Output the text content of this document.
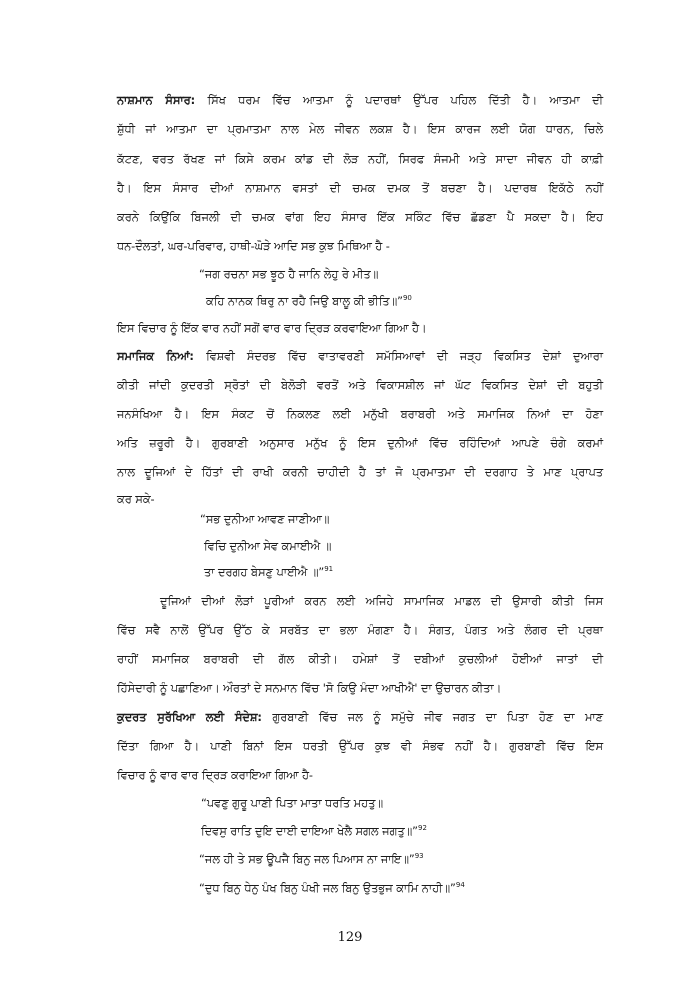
ਨਾਸ਼ਮਾਨ ਸੰਸਾਰ: ਸਿੱਖ ਧਰਮ ਵਿੱਚ ਆਤਮਾ ਨੂੰ ਪਦਾਰਥਾਂ ਉੱਪਰ ਪਹਿਲ ਦਿੱਤੀ ਹੈ। ਆਤਮਾ ਦੀ
ਸ਼ੁੱਧੀ ਜਾਂ ਆਤਮਾ ਦਾ ਪ੍ਰਮਾਤਮਾ ਨਾਲ ਮੇਲ ਜੀਵਨ ਲਕਸ਼ ਹੈ। ਇਸ ਕਾਰਜ ਲਈ ਯੋਗ ਧਾਰਨ, ਚਿਲੇ
ਕੱਟਣ, ਵਰਤ ਰੱਖਣ ਜਾਂ ਕਿਸੇ ਕਰਮ ਕਾਂਡ ਦੀ ਲੋੜ ਨਹੀਂ, ਸਿਰਫ ਸੰਜਮੀ ਅਤੇ ਸਾਦਾ ਜੀਵਨ ਹੀ ਕਾਫ਼ੀ
ਹੈ। ਇਸ ਸੰਸਾਰ ਦੀਆਂ ਨਾਸ਼ਮਾਨ ਵਸਤਾਂ ਦੀ ਚਮਕ ਦਮਕ ਤੋਂ ਬਚਣਾ ਹੈ। ਪਦਾਰਥ ਇਕੱਠੇ ਨਹੀਂ
ਕਰਨੇ ਕਿਉਂਕਿ ਬਿਜਲੀ ਦੀ ਚਮਕ ਵਾਂਗ ਇਹ ਸੰਸਾਰ ਇੱਕ ਸਕਿੰਟ ਵਿੱਚ ਛੱਡਣਾ ਪੈ ਸਕਦਾ ਹੈ। ਇਹ
ਧਨ-ਦੌਲਤਾਂ, ਘਰ-ਪਰਿਵਾਰ, ਹਾਥੀ-ਘੋੜੇ ਆਦਿ ਸਭ ਕੁਝ ਮਿਥਿਆ ਹੈ -
“ਜਗ ਰਚਨਾ ਸਭ ਝੂਠ ਹੈ ਜਾਨਿ ਲੇਹੁ ਰੇ ਮੀਤ॥
ਕਹਿ ਨਾਨਕ ਥਿਰੁ ਨਾ ਰਹੈ ਜਿਉ ਬਾਲੂ ਕੀ ਭੀਤਿ॥”$^{90}$
ਇਸ ਵਿਚਾਰ ਨੂੰ ਇੱਕ ਵਾਰ ਨਹੀਂ ਸਗੋਂ ਵਾਰ ਵਾਰ ਦ੍ਰਿੜ ਕਰਵਾਇਆ ਗਿਆ ਹੈ।
ਸਮਾਜਿਕ ਨਿਆਂ: ਵਿਸ਼ਵੀ ਸੰਦਰਭ ਵਿੱਚ ਵਾਤਾਵਰਣੀ ਸਮੱਸਿਆਵਾਂ ਦੀ ਜੜ੍ਹ ਵਿਕਸਿਤ ਦੇਸ਼ਾਂ ਦੁਆਰਾ
ਕੀਤੀ ਜਾਂਦੀ ਕੁਦਰਤੀ ਸ੍ਰੋਤਾਂ ਦੀ ਬੇਲੋੜੀ ਵਰਤੋਂ ਅਤੇ ਵਿਕਾਸਸ਼ੀਲ ਜਾਂ ਘੱਟ ਵਿਕਸਿਤ ਦੇਸ਼ਾਂ ਦੀ ਬਹੁਤੀ
ਜਨਸੰਖਿਆ ਹੈ। ਇਸ ਸੰਕਟ ਚੋਂ ਨਿਕਲਣ ਲਈ ਮਨੁੱਖੀ ਬਰਾਬਰੀ ਅਤੇ ਸਮਾਜਿਕ ਨਿਆਂ ਦਾ ਹੋਣਾ
ਅਤਿ ਜ਼ਰੂਰੀ ਹੈ। ਗੁਰਬਾਣੀ ਅਨੁਸਾਰ ਮਨੁੱਖ ਨੂੰ ਇਸ ਦੁਨੀਆਂ ਵਿੱਚ ਰਹਿੰਦਿਆਂ ਆਪਣੇ ਚੰਗੇ ਕਰਮਾਂ
ਨਾਲ ਦੂਜਿਆਂ ਦੇ ਹਿੱਤਾਂ ਦੀ ਰਾਖੀ ਕਰਨੀ ਚਾਹੀਦੀ ਹੈ ਤਾਂ ਜੋ ਪ੍ਰਮਾਤਮਾ ਦੀ ਦਰਗਾਹ ਤੇ ਮਾਣ ਪ੍ਰਾਪਤ
ਕਰ ਸਕੇ-
“ਸਭ ਦੁਨੀਆ ਆਵਣ ਜਾਣੀਆ॥
ਵਿਚਿ ਦੁਨੀਆ ਸੇਵ ਕਮਾਈਐ ॥
ਤਾ ਦਰਗਹ ਬੇਸਣੁ ਪਾਈਐ ॥”$^{91}$
ਦੂਜਿਆਂ ਦੀਆਂ ਲੋੜਾਂ ਪੂਰੀਆਂ ਕਰਨ ਲਈ ਅਜਿਹੇ ਸਾਮਾਜਿਕ ਮਾਡਲ ਦੀ ਉਸਾਰੀ ਕੀਤੀ ਜਿਸ
ਵਿੱਚ ਸਵੈ ਨਾਲੋਂ ਉੱਪਰ ਉੱਠ ਕੇ ਸਰਬੱਤ ਦਾ ਭਲਾ ਮੰਗਣਾ ਹੈ। ਸੰਗਤ, ਪੰਗਤ ਅਤੇ ਲੰਗਰ ਦੀ ਪ੍ਰਥਾ
ਰਾਹੀਂ ਸਮਾਜਿਕ ਬਰਾਬਰੀ ਦੀ ਗੱਲ ਕੀਤੀ। ਹਮੇਸ਼ਾਂ ਤੋਂ ਦਬੀਆਂ ਕੁਚਲੀਆਂ ਹੋਈਆਂ ਜਾਤਾਂ ਦੀ
ਹਿੱਸੇਦਾਰੀ ਨੂੰ ਪਛਾਣਿਆ। ਔਰਤਾਂ ਦੇ ਸਨਮਾਨ ਵਿੱਚ 'ਸੋ ਕਿਉ ਮੰਦਾ ਆਖੀਐ' ਦਾ ਉਚਾਰਨ ਕੀਤਾ।
ਕੁਦਰਤ ਸੁਰੱਖਿਆ ਲਈ ਸੰਦੇਸ਼: ਗੁਰਬਾਣੀ ਵਿੱਚ ਜਲ ਨੂੰ ਸਮੁੱਚੇ ਜੀਵ ਜਗਤ ਦਾ ਪਿਤਾ ਹੋਣ ਦਾ ਮਾਣ
ਦਿੱਤਾ ਗਿਆ ਹੈ। ਪਾਣੀ ਬਿਨਾਂ ਇਸ ਧਰਤੀ ਉੱਪਰ ਕੁਝ ਵੀ ਸੰਭਵ ਨਹੀਂ ਹੈ। ਗੁਰਬਾਣੀ ਵਿੱਚ ਇਸ
ਵਿਚਾਰ ਨੂੰ ਵਾਰ ਵਾਰ ਦ੍ਰਿੜ ਕਰਾਇਆ ਗਿਆ ਹੈ-
“ਪਵਣੁ ਗੁਰੂ ਪਾਣੀ ਪਿਤਾ ਮਾਤਾ ਧਰਤਿ ਮਹਤੁ॥
ਦਿਵਸੁ ਰਾਤਿ ਦੁਇ ਦਾਈ ਦਾਇਆ ਖੇਲੈ ਸਗਲ ਜਗਤੁ॥”$^{92}$
“ਜਲ ਹੀ ਤੇ ਸਭ ਊਪਜੈ ਬਿਨੁ ਜਲ ਪਿਆਸ ਨਾ ਜਾਇ॥”$^{93}$
“ਦੁਧ ਬਿਨੁ ਧੇਨੁ ਪੰਖ ਬਿਨੁ ਪੰਖੀ ਜਲ ਬਿਨੁ ਉਤਭੁਜ ਕਾਮਿ ਨਾਹੀ॥”$^{94}$
129
